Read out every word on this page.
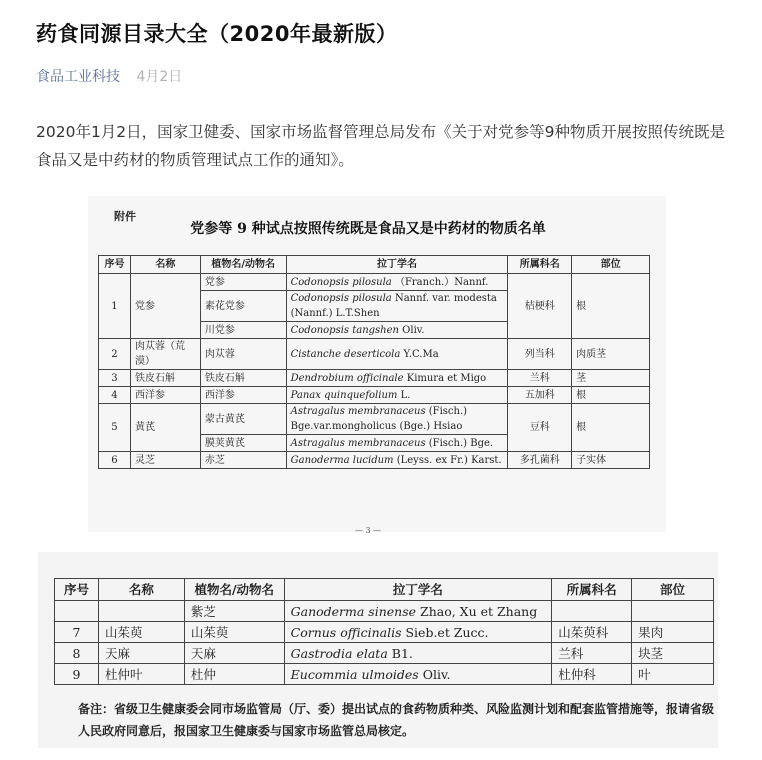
药食同源目录大全（2020年最新版）
食品工业科技 4月2日
2020年1月2日，国家卫健委、国家市场监督管理总局发布《关于对党参等9种物质开展按照传统既是食品又是中药材的物质管理试点工作的通知》。
附件
党参等 9 种试点按照传统既是食品又是中药材的物质名单
序号	名称	植物名/动物名	拉丁学名	所属科名	部位
1	党参	党参	Codonopsis pilosula （Franch.）Nannf.	桔梗科	根
		素花党参	Codonopsis pilosula Nannf. var. modesta (Nannf.) L.T.Shen		

		川党参	Codonopsis tangshen Oliv.		
2	肉苁蓉（荒漠）	肉苁蓉	Cistanche deserticola Y.C.Ma	列当科	肉质茎
3	铁皮石斛	铁皮石斛	Dendrobium officinale Kimura et Migo	兰科	茎
4	西洋参	西洋参	Panax quinquefolium L.	五加科	根
5	黄芪	蒙古黄芪	Astragalus membranaceus (Fisch.) Bge.var.mongholicus (Bge.) Hsiao	豆科	根

		膜荚黄芪	Astragalus membranaceus (Fisch.) Bge.		
6	灵芝	赤芝	Ganoderma lucidum (Leyss. ex Fr.) Karst.	多孔菌科	子实体
— 3 —
序号	名称	植物名/动物名	拉丁学名	所属科名	部位
		紫芝	Ganoderma sinense Zhao, Xu et Zhang		
7	山茱萸	山茱萸	Cornus officinalis Sieb.et Zucc.	山茱萸科	果肉
8	天麻	天麻	Gastrodia elata B1.	兰科	块茎
9	杜仲叶	杜仲	Eucommia ulmoides Oliv.	杜仲科	叶
备注：省级卫生健康委会同市场监管局（厅、委）提出试点的食药物质种类、风险监测计划和配套监管措施等，报请省级人民政府同意后，报国家卫生健康委与国家市场监管总局核定。
